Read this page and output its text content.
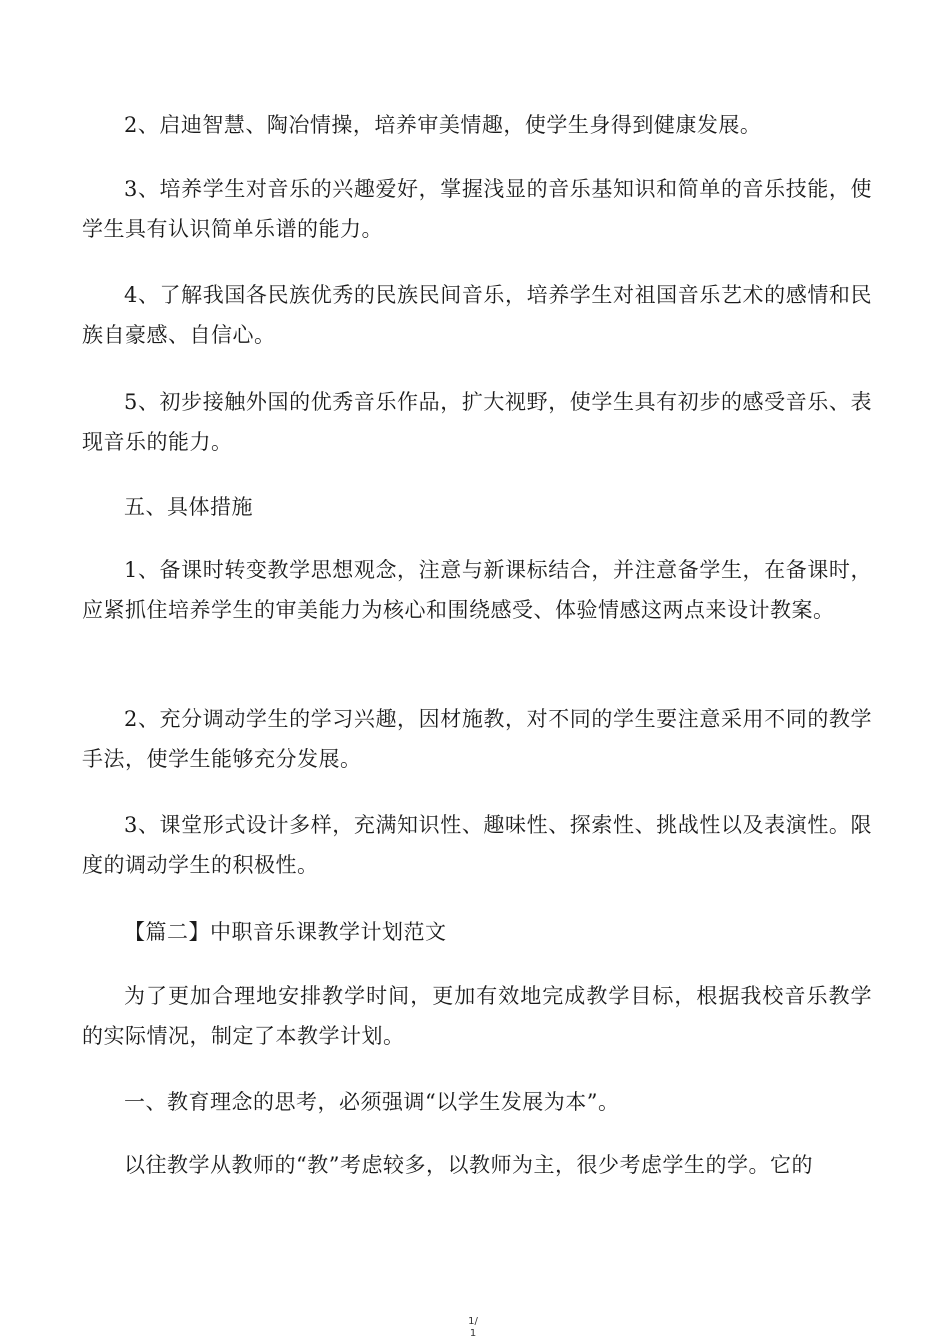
2、启迪智慧、陶冶情操，培养审美情趣，使学生身得到健康发展。

3、培养学生对音乐的兴趣爱好，掌握浅显的音乐基知识和简单的音乐技能，使学生具有认识简单乐谱的能力。

4、了解我国各民族优秀的民族民间音乐，培养学生对祖国音乐艺术的感情和民族自豪感、自信心。

5、初步接触外国的优秀音乐作品，扩大视野，使学生具有初步的感受音乐、表现音乐的能力。

五、具体措施

1、备课时转变教学思想观念，注意与新课标结合，并注意备学生，在备课时，应紧抓住培养学生的审美能力为核心和围绕感受、体验情感这两点来设计教案。

2、充分调动学生的学习兴趣，因材施教，对不同的学生要注意采用不同的教学手法，使学生能够充分发展。

3、课堂形式设计多样，充满知识性、趣味性、探索性、挑战性以及表演性。限度的调动学生的积极性。

【篇二】中职音乐课教学计划范文

为了更加合理地安排教学时间，更加有效地完成教学目标，根据我校音乐教学的实际情况，制定了本教学计划。

一、教育理念的思考，必须强调“以学生发展为本”。

以往教学从教师的“教”考虑较多，以教师为主，很少考虑学生的学。它的

1/
1
